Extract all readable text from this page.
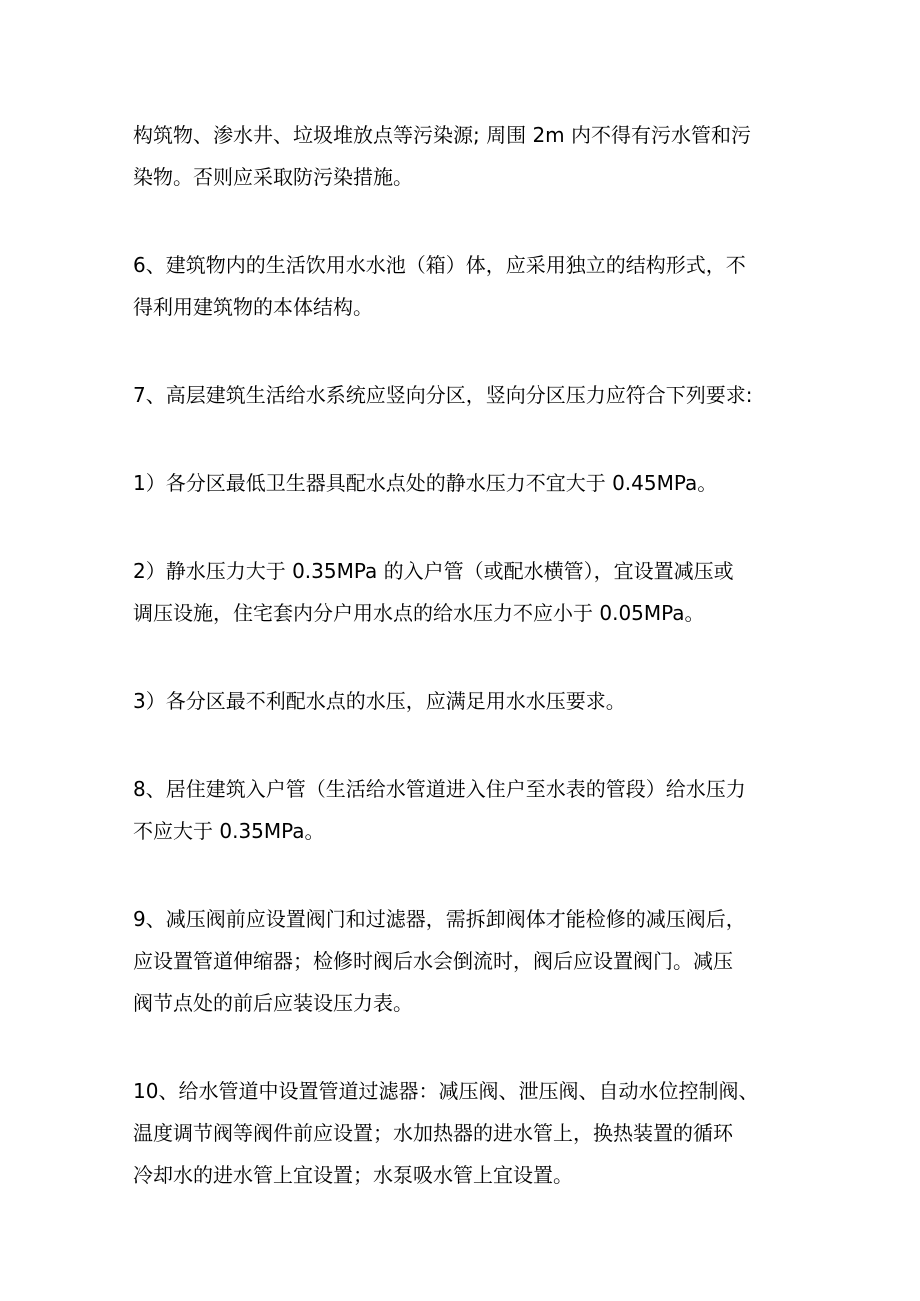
构筑物、渗水井、垃圾堆放点等污染源; 周围 2m 内不得有污水管和污
染物。否则应采取防污染措施。
6、建筑物内的生活饮用水水池（箱）体，应采用独立的结构形式，不
得利用建筑物的本体结构。
7、高层建筑生活给水系统应竖向分区，竖向分区压力应符合下列要求:
1）各分区最低卫生器具配水点处的静水压力不宜大于 0.45MPa。
2）静水压力大于 0.35MPa 的入户管（或配水横管），宜设置减压或
调压设施，住宅套内分户用水点的给水压力不应小于 0.05MPa。
3）各分区最不利配水点的水压，应满足用水水压要求。
8、居住建筑入户管（生活给水管道进入住户至水表的管段）给水压力
不应大于 0.35MPa。
9、减压阀前应设置阀门和过滤器，需拆卸阀体才能检修的减压阀后，
应设置管道伸缩器；检修时阀后水会倒流时，阀后应设置阀门。减压
阀节点处的前后应装设压力表。
10、给水管道中设置管道过滤器：减压阀、泄压阀、自动水位控制阀、
温度调节阀等阀件前应设置；水加热器的进水管上，换热装置的循环
冷却水的进水管上宜设置；水泵吸水管上宜设置。
